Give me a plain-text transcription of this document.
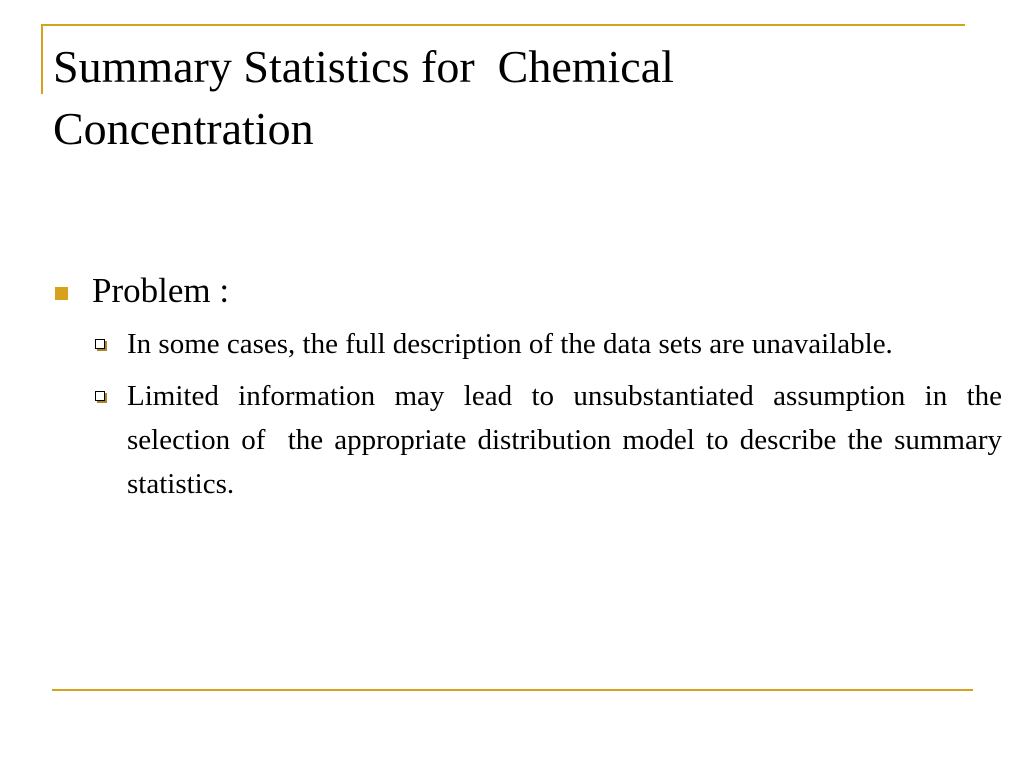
Summary Statistics for  Chemical
Concentration
Problem :
In some cases, the full description of the data sets are unavailable.
Limited information may lead to unsubstantiated assumption in the selection of  the appropriate distribution model to describe the summary statistics.
